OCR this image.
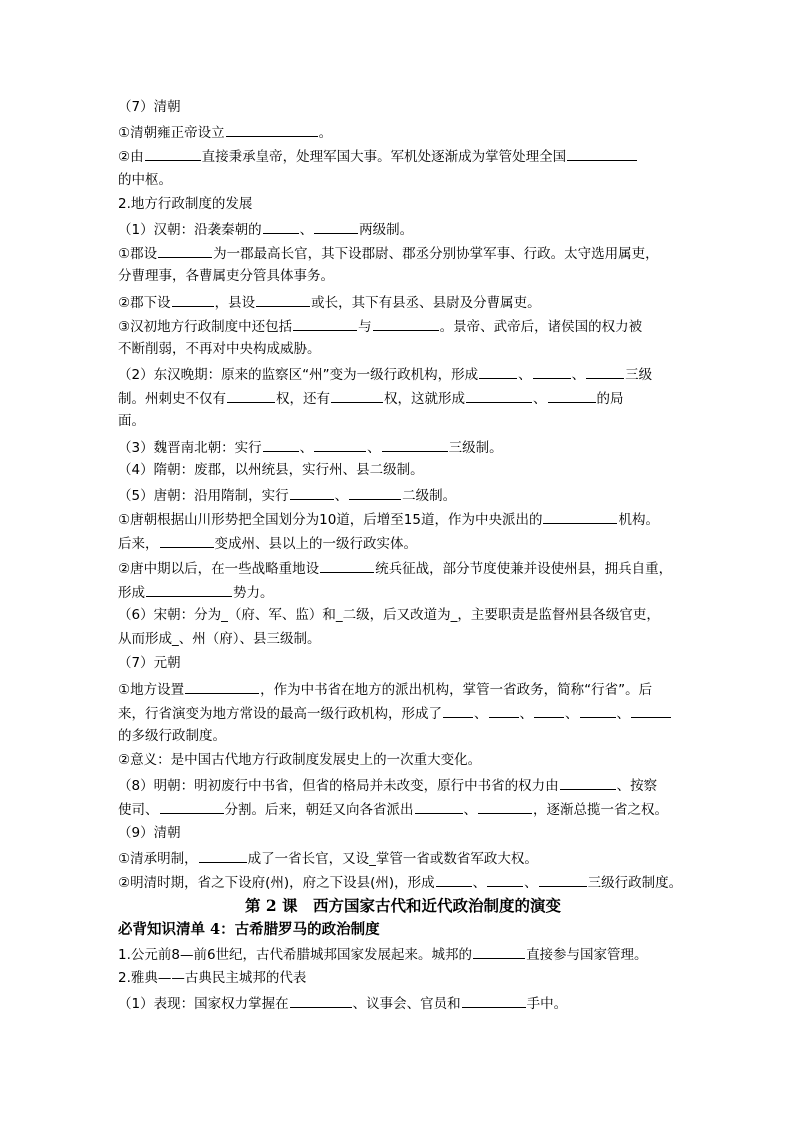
（7）清朝
①清朝雍正帝设立	。
②由	直接秉承皇帝，处理军国大事。军机处逐渐成为掌管处理全国
的中枢。
2.地方行政制度的发展
（1）汉朝：沿袭秦朝的	、	两级制。
①郡设	为一郡最高长官，其下设郡尉、郡丞分别协掌军事、行政。太守选用属吏，
分曹理事，各曹属吏分管具体事务。
②郡下设	，县设	或长，其下有县丞、县尉及分曹属吏。
③汉初地方行政制度中还包括	与	。景帝、武帝后，诸侯国的权力被
不断削弱，不再对中央构成威胁。
（2）东汉晚期：原来的监察区“州”变为一级行政机构，形成	、	、	三级
制。州刺史不仅有	权，还有	权，这就形成	、	的局
面。
（3）魏晋南北朝：实行	、	、	三级制。
（4）隋朝：废郡，以州统县，实行州、县二级制。
（5）唐朝：沿用隋制，实行	、	二级制。
①唐朝根据山川形势把全国划分为10道，后增至15道，作为中央派出的	机构。
后来，	变成州、县以上的一级行政实体。
②唐中期以后，在一些战略重地设	统兵征战，部分节度使兼并设使州县，拥兵自重，
形成	势力。
（6）宋朝：分为_（府、军、监）和_二级，后又改道为_，主要职责是监督州县各级官吏，
从而形成_、州（府）、县三级制。
（7）元朝
①地方设置	，作为中书省在地方的派出机构，掌管一省政务，简称“行省”。后
来，行省演变为地方常设的最高一级行政机构，形成了 、 、 、	、
的多级行政制度。
②意义：是中国古代地方行政制度发展史上的一次重大变化。
（8）明朝：明初废行中书省，但省的格局并未改变，原行中书省的权力由	、按察
使司、	分割。后来，朝廷又向各省派出	、	，逐渐总揽一省之权。
（9）清朝
①清承明制，	成了一省长官，又设_掌管一省或数省军政大权。
②明清时期，省之下设府(州)，府之下设县(州)，形成	、	、	三级行政制度。
第 2 课　西方国家古代和近代政治制度的演变
必背知识清单 4：古希腊罗马的政治制度
1.公元前8—前6世纪，古代希腊城邦国家发展起来。城邦的	直接参与国家管理。
2.雅典——古典民主城邦的代表
（1）表现：国家权力掌握在	、议事会、官员和	手中。
